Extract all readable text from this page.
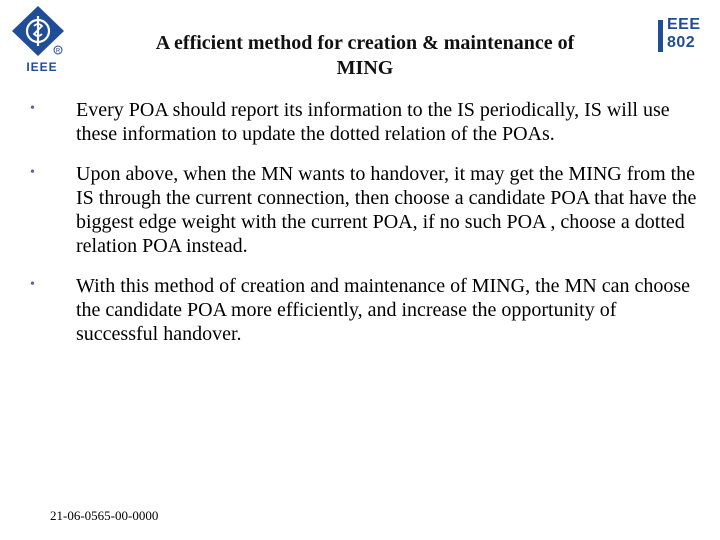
R
IEEE
A efficient method for creation & maintenance of
MING
EEE
802
•	Every POA should report its information to the IS periodically, IS will use these information to update the dotted relation of the POAs.
•	Upon above, when the MN wants to handover, it may get the MING from the IS through the current connection, then choose a candidate POA that have the biggest edge weight with the current POA, if no such POA , choose a dotted relation POA instead.
•	With this method of creation and maintenance of MING, the MN can choose the candidate POA more efficiently, and increase the opportunity of successful handover.
21-06-0565-00-0000
